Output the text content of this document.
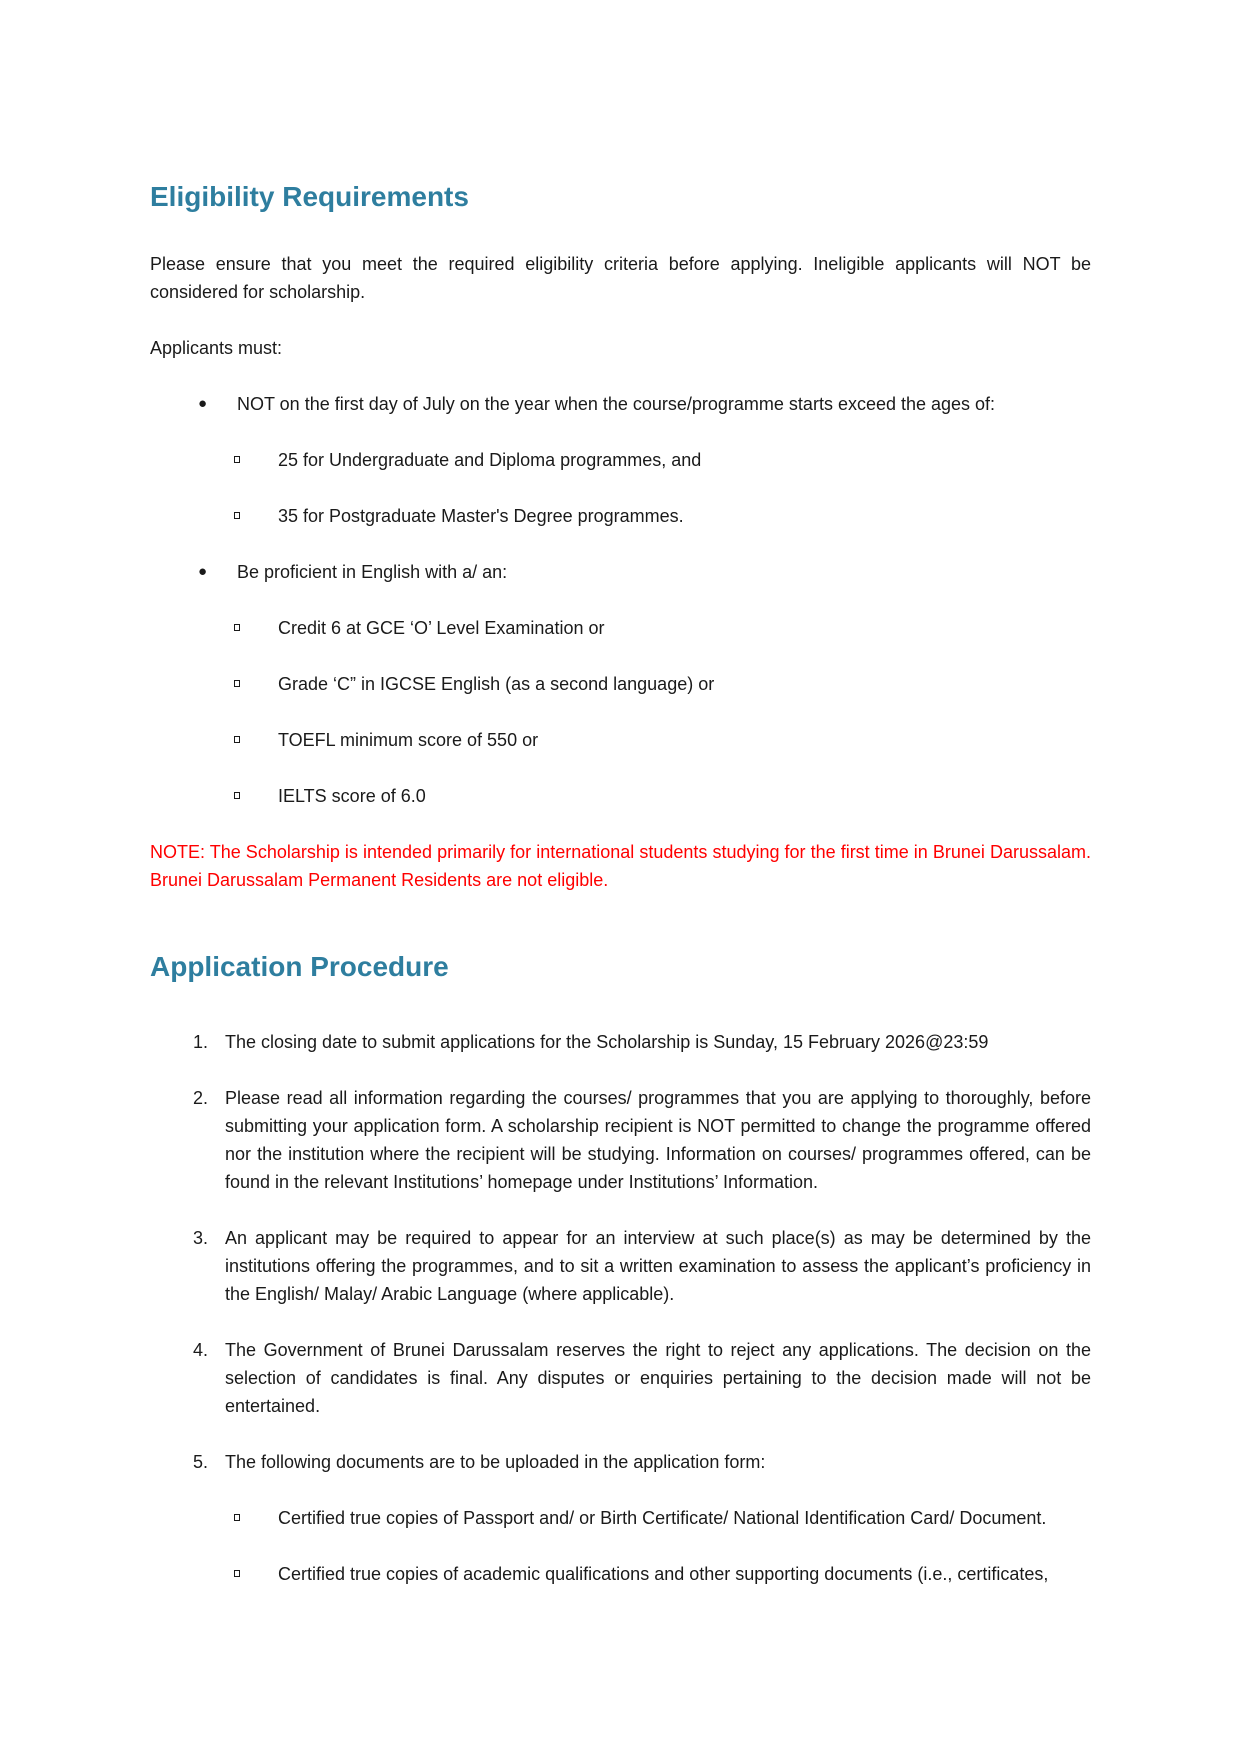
Eligibility Requirements

Please ensure that you meet the required eligibility criteria before applying. Ineligible applicants will NOT be considered for scholarship.

Applicants must:

●	NOT on the first day of July on the year when the course/programme starts exceed the ages of:
25 for Undergraduate and Diploma programmes, and
35 for Postgraduate Master's Degree programmes.
●	Be proficient in English with a/ an:
Credit 6 at GCE ‘O’ Level Examination or
Grade ‘C” in IGCSE English (as a second language) or
TOEFL minimum score of 550 or
IELTS score of 6.0

NOTE: The Scholarship is intended primarily for international students studying for the first time in Brunei Darussalam. Brunei Darussalam Permanent Residents are not eligible.

Application Procedure
1. The closing date to submit applications for the Scholarship is Sunday, 15 February 2026@23:59
2. Please read all information regarding the courses/ programmes that you are applying to thoroughly, before submitting your application form. A scholarship recipient is NOT permitted to change the programme offered nor the institution where the recipient will be studying. Information on courses/ programmes offered, can be found in the relevant Institutions’ homepage under Institutions’ Information.
3. An applicant may be required to appear for an interview at such place(s) as may be determined by the institutions offering the programmes, and to sit a written examination to assess the applicant’s proficiency in the English/ Malay/ Arabic Language (where applicable).
4. The Government of Brunei Darussalam reserves the right to reject any applications. The decision on the selection of candidates is final. Any disputes or enquiries pertaining to the decision made will not be entertained.
5. The following documents are to be uploaded in the application form:
Certified true copies of Passport and/ or Birth Certificate/ National Identification Card/ Document.
Certified true copies of academic qualifications and other supporting documents (i.e., certificates,
